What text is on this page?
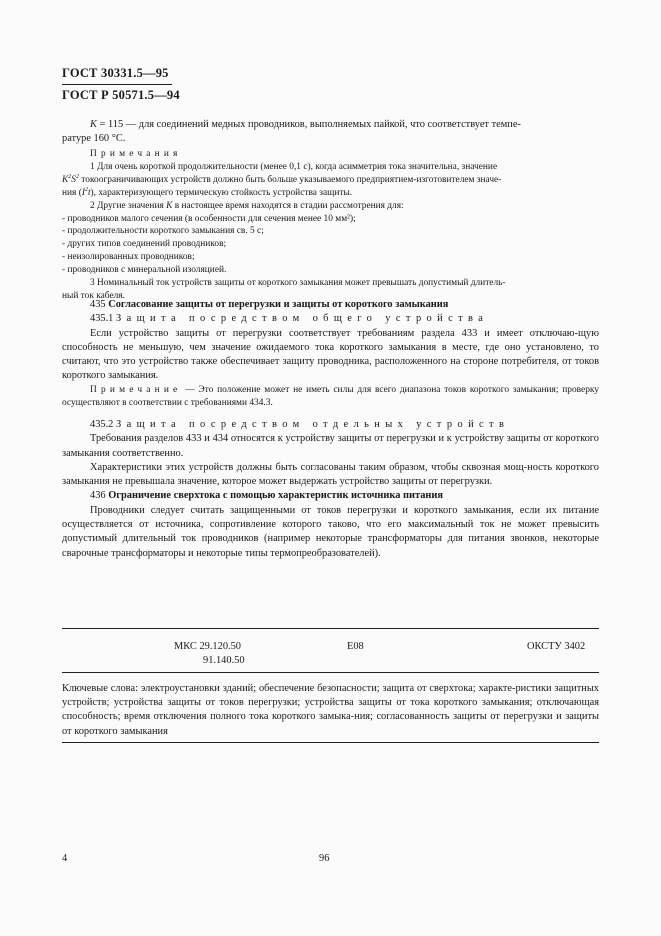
ГОСТ 30331.5—95
ГОСТ Р 50571.5—94

K = 115 — для соединений медных проводников, выполняемых пайкой, что соответствует темпе-

ратуре 160 °С.

Примечания

1 Для очень короткой продолжительности (менее 0,1 с), когда асимметрия тока значительна, значение

$K^2S^2$ токоограничивающих устройств должно быть больше указываемого предприятием-изготовителем значе-

ния $(I^2t)$, характеризующего термическую стойкость устройства защиты.

2 Другие значения K в настоящее время находятся в стадии рассмотрения для:

- проводников малого сечения (в особенности для сечения менее 10 мм²);

- продолжительности короткого замыкания св. 5 с;

- других типов соединений проводников;

- неизолированных проводников;

- проводников с минеральной изоляцией.

3 Номинальный ток устройств защиты от короткого замыкания может превышать допустимый длитель-

ный ток кабеля.

435 Согласование защиты от перегрузки и защиты от короткого замыкания

435.1 Защита посредством общего устройства

Если устройство защиты от перегрузки соответствует требованиям раздела 433 и имеет отключаю-щую способность не меньшую, чем значение ожидаемого тока короткого замыкания в месте, где оно установлено, то считают, что это устройство также обеспечивает защиту проводника, расположенного на стороне потребителя, от токов короткого замыкания.

Примечание — Это положение может не иметь силы для всего диапазона токов короткого замыкания; проверку осуществляют в соответствии с требованиями 434.3.

435.2 Защита посредством отдельных устройств

Требования разделов 433 и 434 относятся к устройству защиты от перегрузки и к устройству защиты от короткого замыкания соответственно.

Характеристики этих устройств должны быть согласованы таким образом, чтобы сквозная мощ-ность короткого замыкания не превышала значение, которое может выдержать устройство защиты от перегрузки.

436 Ограничение сверхтока с помощью характеристик источника питания

Проводники следует считать защищенными от токов перегрузки и короткого замыкания, если их питание осуществляется от источника, сопротивление которого таково, что его максимальный ток не может превысить допустимый длительный ток проводников (например некоторые трансформаторы для питания звонков, некоторые сварочные трансформаторы и некоторые типы термопреобразователей).

МКС 29.120.50
91.140.50
E08	ОКСТУ 3402
Ключевые слова: электроустановки зданий; обеспечение безопасности; защита от сверхтока; характе-ристики защитных устройств; устройства защиты от токов перегрузки; устройства защиты от тока короткого замыкания; отключающая способность; время отключения полного тока короткого замыка-ния; согласованность защиты от перегрузки и защиты от короткого замыкания
4	96
